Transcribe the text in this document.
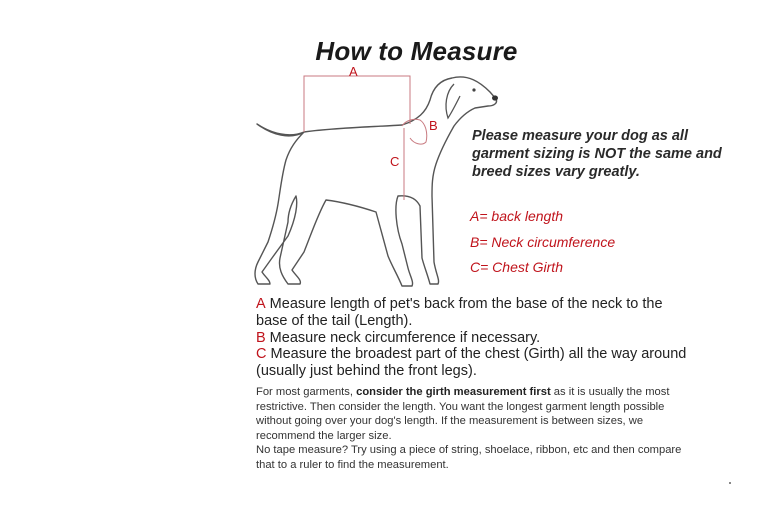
How to Measure
A
B
C
Please measure your dog as all garment sizing is NOT the same and breed sizes vary greatly.
A= back length
B= Neck circumference
C= Chest Girth
A Measure length of pet's back from the base of the neck to the base of the tail (Length).
B Measure neck circumference if necessary.
C Measure the broadest part of the chest (Girth) all the way around (usually just behind the front legs).
For most garments, consider the girth measurement first as it is usually the most restrictive. Then consider the length. You want the longest garment length possible without going over your dog's length. If the measurement is between sizes, we recommend the larger size.
No tape measure? Try using a piece of string, shoelace, ribbon, etc and then compare that to a ruler to find the measurement.
